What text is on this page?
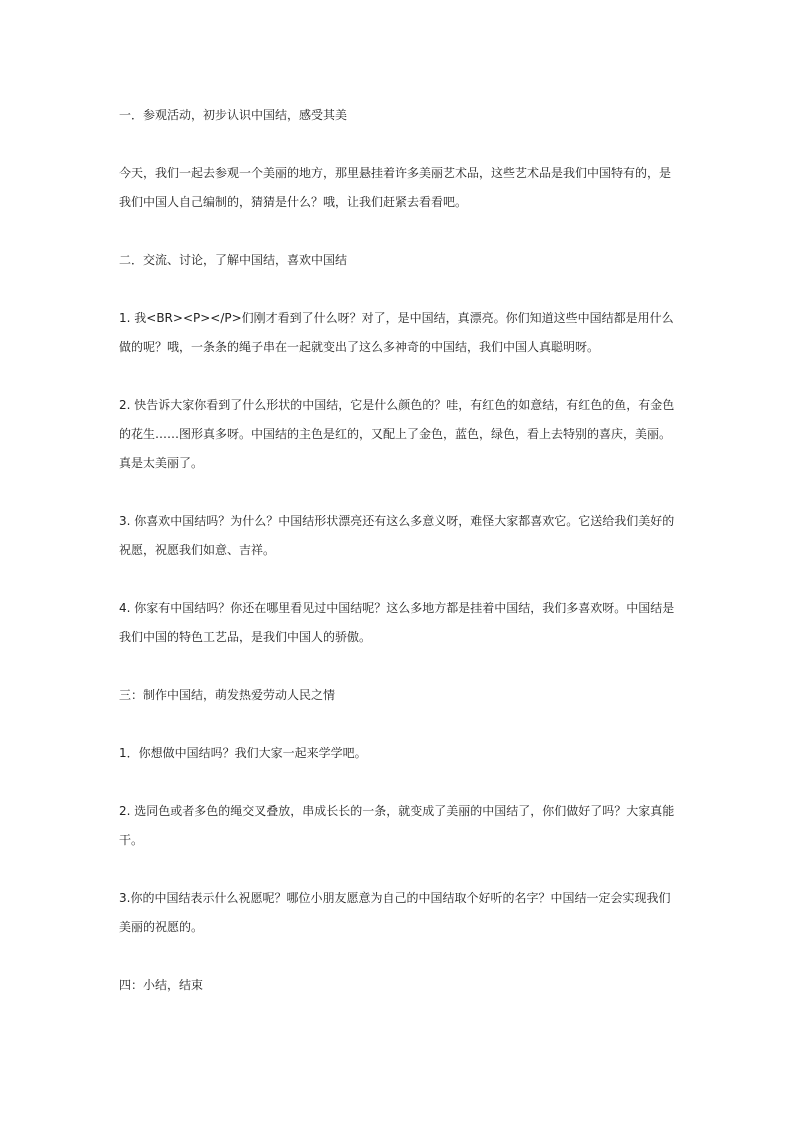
一．参观活动，初步认识中国结，感受其美

今天，我们一起去参观一个美丽的地方，那里悬挂着许多美丽艺术品，这些艺术品是我们中国特有的，是我们中国人自己编制的，猜猜是什么？哦，让我们赶紧去看看吧。

二．交流、讨论，了解中国结，喜欢中国结

1. 我<BR><P></P>们刚才看到了什么呀？对了，是中国结，真漂亮。你们知道这些中国结都是用什么做的呢？哦，一条条的绳子串在一起就变出了这么多神奇的中国结，我们中国人真聪明呀。

2. 快告诉大家你看到了什么形状的中国结，它是什么颜色的？哇，有红色的如意结，有红色的鱼，有金色的花生……图形真多呀。中国结的主色是红的，又配上了金色，蓝色，绿色，看上去特别的喜庆，美丽。真是太美丽了。

3. 你喜欢中国结吗？为什么？中国结形状漂亮还有这么多意义呀，难怪大家都喜欢它。它送给我们美好的祝愿，祝愿我们如意、吉祥。

4. 你家有中国结吗？你还在哪里看见过中国结呢？这么多地方都是挂着中国结，我们多喜欢呀。中国结是我们中国的特色工艺品，是我们中国人的骄傲。

三：制作中国结，萌发热爱劳动人民之情

1．你想做中国结吗？我们大家一起来学学吧。

2. 选同色或者多色的绳交叉叠放，串成长长的一条，就变成了美丽的中国结了，你们做好了吗？大家真能干。

3.你的中国结表示什么祝愿呢？哪位小朋友愿意为自己的中国结取个好听的名字？中国结一定会实现我们美丽的祝愿的。

四：小结，结束
